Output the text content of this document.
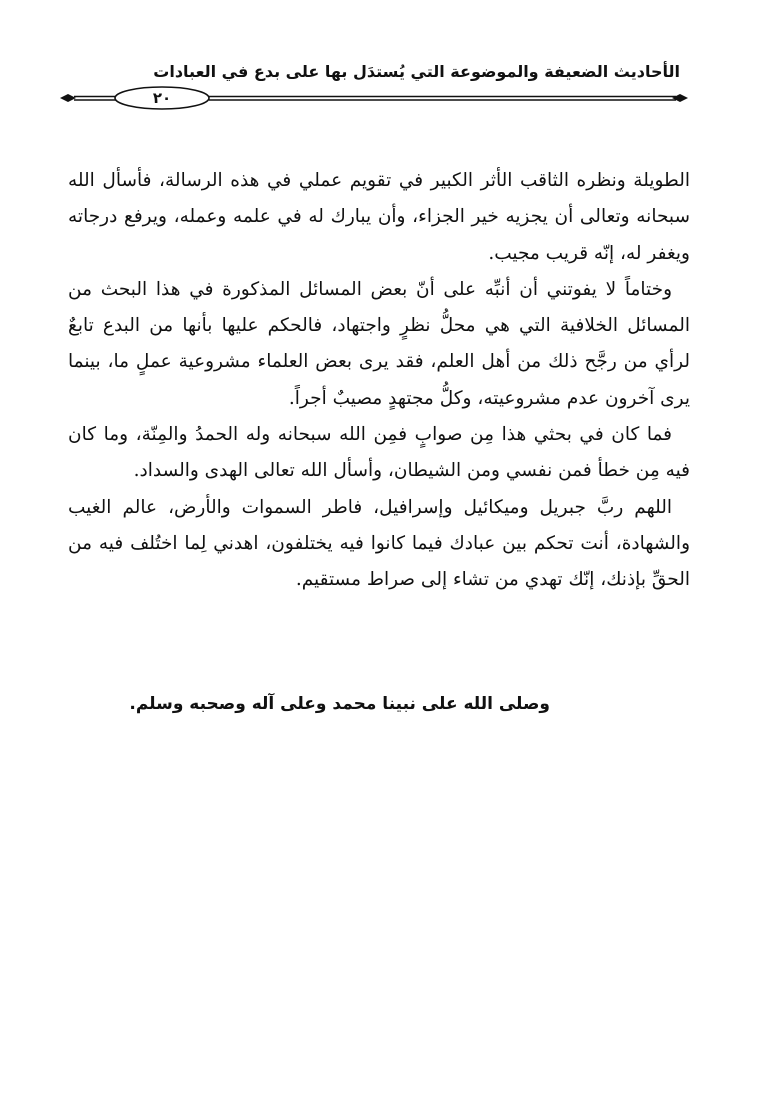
الأحاديث الضعيفة والموضوعة التي يُستدَل بها على بدع في العبادات
٢٠

الطويلة ونظره الثاقب الأثر الكبير في تقويم عملي في هذه الرسالة، فأسأل الله سبحانه وتعالى أن يجزيه خير الجزاء، وأن يبارك له في علمه وعمله، ويرفع درجاته ويغفر له، إنّه قريب مجيب.

وختاماً لا يفوتني أن أنبِّه على أنّ بعض المسائل المذكورة في هذا البحث من المسائل الخلافية التي هي محلُّ نظرٍ واجتهاد، فالحكم عليها بأنها من البدع تابعٌ لرأي من رجَّح ذلك من أهل العلم، فقد يرى بعض العلماء مشروعية عملٍ ما، بينما يرى آخرون عدم مشروعيته، وكلُّ مجتهدٍ مصيبٌ أجراً.

فما كان في بحثي هذا مِن صوابٍ فمِن الله سبحانه وله الحمدُ والمِنّة، وما كان فيه مِن خطأ فمن نفسي ومن الشيطان، وأسأل الله تعالى الهدى والسداد.

اللهم ربَّ جبريل وميكائيل وإسرافيل، فاطر السموات والأرض، عالم الغيب والشهادة، أنت تحكم بين عبادك فيما كانوا فيه يختلفون، اهدني لِما اختُلف فيه من الحقِّ بإذنك، إنّك تهدي من تشاء إلى صراط مستقيم.

وصلى الله على نبينا محمد وعلى آله وصحبه وسلم.
